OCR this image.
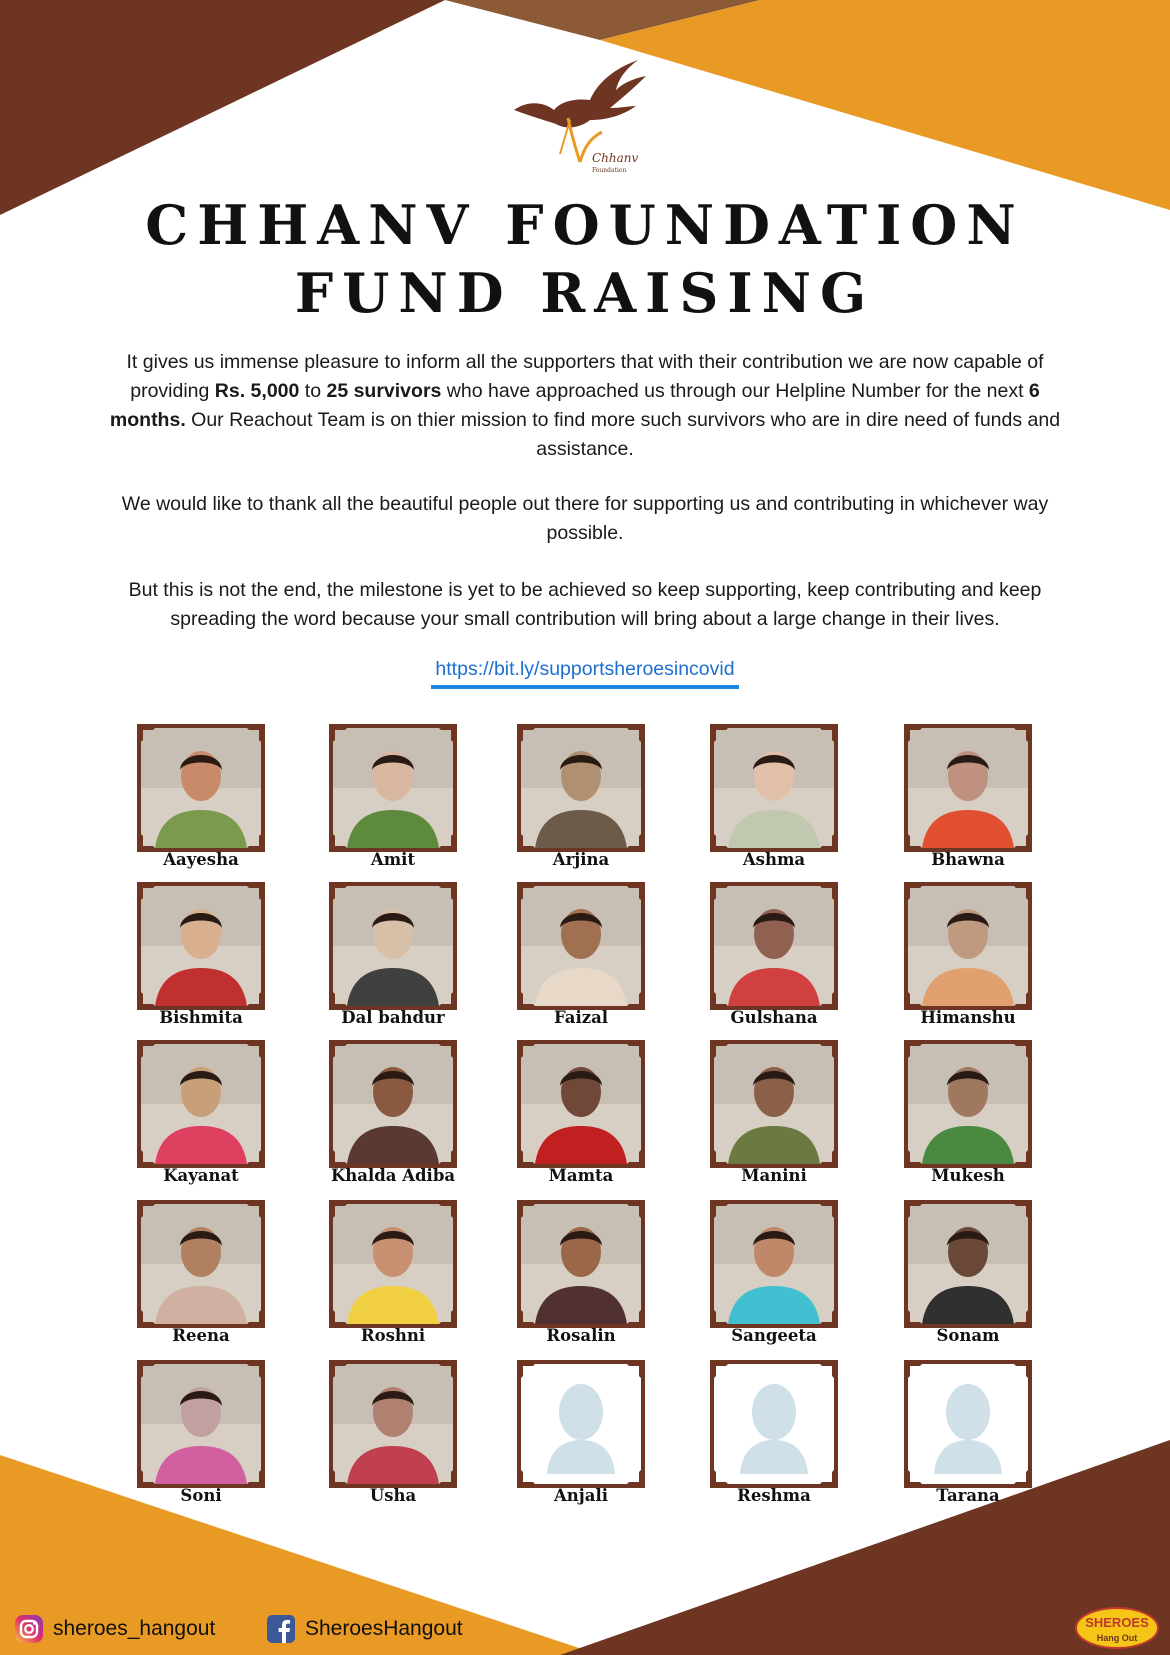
Chhanv
Foundation
CHHANV FOUNDATION
FUND RAISING
It gives us immense pleasure to inform all the supporters that with their contribution we are now capable of providing Rs. 5,000 to 25 survivors who have approached us through our Helpline Number for the next 6 months. Our Reachout Team is on thier mission to find more such survivors who are in dire need of funds and assistance.
We would like to thank all the beautiful people out there for supporting us and contributing in whichever way possible.
But this is not the end, the milestone is yet to be achieved so keep supporting, keep contributing and keep spreading the word because your small contribution will bring about a large change in their lives.
https://bit.ly/supportsheroesincovid
Aayesha	Amit	Arjina	Ashma	Bhawna
Bishmita	Dal bahdur	Faizal	Gulshana	Himanshu
Kayanat	Khalda Adiba	Mamta	Manini	Mukesh
Reena	Roshni	Rosalin	Sangeeta	Sonam
Soni	Usha	Anjali	Reshma	Tarana
sheroes_hangout	SheroesHangout	SHEROES
Hang Out
